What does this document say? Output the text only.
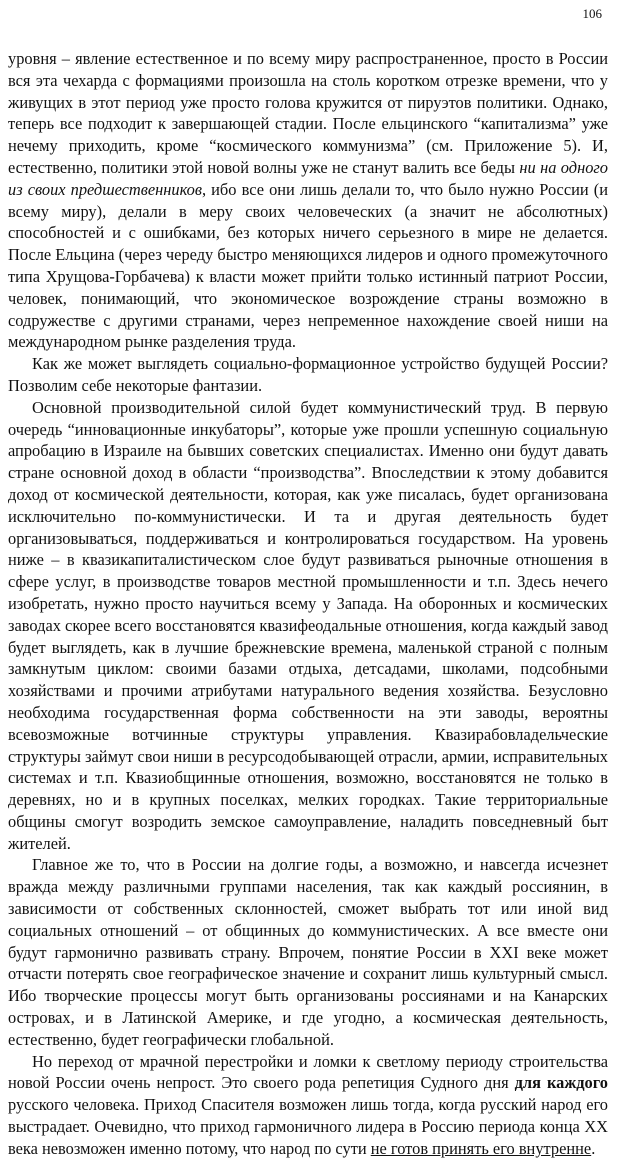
106

уровня – явление естественное и по всему миру распространенное, просто в России вся эта чехарда с формациями произошла на столь коротком отрезке времени, что у живущих в этот период уже просто голова кружится от пируэтов политики. Однако, теперь все подходит к завершающей стадии. После ельцинского “капитализма” уже нечему приходить, кроме “космического коммунизма” (см. Приложение 5). И, естественно, политики этой новой волны уже не станут валить все беды ни на одного из своих предшественников, ибо все они лишь делали то, что было нужно России (и всему миру), делали в меру своих человеческих (а значит не абсолютных) способностей и с ошибками, без которых ничего серьезного в мире не делается. После Ельцина (через череду быстро меняющихся лидеров и одного промежуточного типа Хрущова-Горбачева) к власти может прийти только истинный патриот России, человек, понимающий, что экономическое возрождение страны возможно в содружестве с другими странами, через непременное нахождение своей ниши на международном рынке разделения труда.

Как же может выглядеть социально-формационное устройство будущей России? Позволим себе некоторые фантазии.

Основной производительной силой будет коммунистический труд. В первую очередь “инновационные инкубаторы”, которые уже прошли успешную социальную апробацию в Израиле на бывших советских специалистах. Именно они будут давать стране основной доход в области “производства”. Впоследствии к этому добавится доход от космической деятельности, которая, как уже писалась, будет организована исключительно по-коммунистически. И та и другая деятельность будет организовываться, поддерживаться и контролироваться государством. На уровень ниже – в квазикапиталистическом слое будут развиваться рыночные отношения в сфере услуг, в производстве товаров местной промышленности и т.п. Здесь нечего изобретать, нужно просто научиться всему у Запада. На оборонных и космических заводах скорее всего восстановятся квазифеодальные отношения, когда каждый завод будет выглядеть, как в лучшие брежневские времена, маленькой страной с полным замкнутым циклом: своими базами отдыха, детсадами, школами, подсобными хозяйствами и прочими атрибутами натурального ведения хозяйства. Безусловно необходима государственная форма собственности на эти заводы, вероятны всевозможные вотчинные структуры управления. Квазирабовладельческие структуры займут свои ниши в ресурсодобывающей отрасли, армии, исправительных системах и т.п. Квазиобщинные отношения, возможно, восстановятся не только в деревнях, но и в крупных поселках, мелких городках. Такие территориальные общины смогут возродить земское самоуправление, наладить повседневный быт жителей.

Главное же то, что в России на долгие годы, а возможно, и навсегда исчезнет вражда между различными группами населения, так как каждый россиянин, в зависимости от собственных склонностей, сможет выбрать тот или иной вид социальных отношений – от общинных до коммунистических. А все вместе они будут гармонично развивать страну. Впрочем, понятие России в XXI веке может отчасти потерять свое географическое значение и сохранит лишь культурный смысл. Ибо творческие процессы могут быть организованы россиянами и на Канарских островах, и в Латинской Америке, и где угодно, а космическая деятельность, естественно, будет географически глобальной.

Но переход от мрачной перестройки и ломки к светлому периоду строительства новой России очень непрост. Это своего рода репетиция Судного дня для каждого русского человека. Приход Спасителя возможен лишь тогда, когда русский народ его выстрадает. Очевидно, что приход гармоничного лидера в Россию периода конца XX века невозможен именно потому, что народ по сути не готов принять его внутренне.
